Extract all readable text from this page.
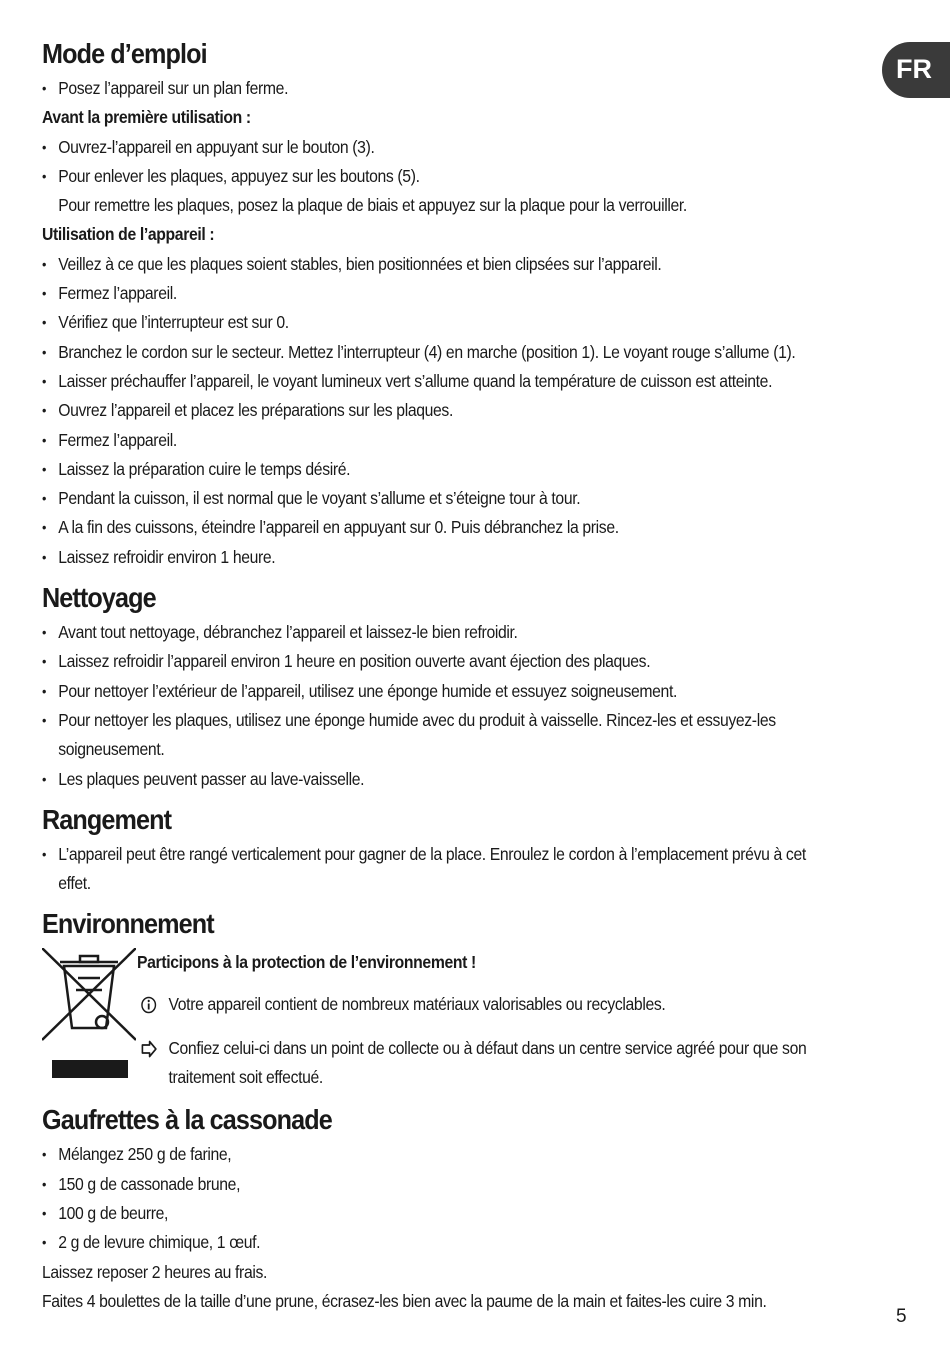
FR
Mode d’emploi
• Posez l’appareil sur un plan ferme.
Avant la première utilisation :
• Ouvrez-l’appareil en appuyant sur le bouton (3).
• Pour enlever les plaques, appuyez sur les boutons (5).
Pour remettre les plaques, posez la plaque de biais et appuyez sur la plaque pour la verrouiller.
Utilisation de l’appareil :
• Veillez à ce que les plaques soient stables, bien positionnées et bien clipsées sur l’appareil.
• Fermez l’appareil.
• Vérifiez que l’interrupteur est sur 0.
• Branchez le cordon sur le secteur. Mettez l’interrupteur (4) en marche (position 1). Le voyant rouge s’allume (1).
• Laisser préchauffer l’appareil, le voyant lumineux vert s’allume quand la température de cuisson est atteinte.
• Ouvrez l’appareil et placez les préparations sur les plaques.
• Fermez l’appareil.
• Laissez la préparation cuire le temps désiré.
• Pendant la cuisson, il est normal que le voyant s’allume et s’éteigne tour à tour.
• A la fin des cuissons, éteindre l’appareil en appuyant sur 0. Puis débranchez la prise.
• Laissez refroidir environ 1 heure.
Nettoyage
• Avant tout nettoyage, débranchez l’appareil et laissez-le bien refroidir.
• Laissez refroidir l’appareil environ 1 heure en position ouverte avant éjection des plaques.
• Pour nettoyer l’extérieur de l’appareil, utilisez une éponge humide et essuyez soigneusement.
• Pour nettoyer les plaques, utilisez une éponge humide avec du produit à vaisselle. Rincez-les et essuyez-les soigneusement.
• Les plaques peuvent passer au lave-vaisselle.
Rangement
• L’appareil peut être rangé verticalement pour gagner de la place. Enroulez le cordon à l’emplacement prévu à cet effet.
Environnement
Participons à la protection de l’environnement !
Votre appareil contient de nombreux matériaux valorisables ou recyclables.
Confiez celui-ci dans un point de collecte ou à défaut dans un centre service agréé pour que son traitement soit effectué.
Gaufrettes à la cassonade
• Mélangez 250 g de farine,
• 150 g de cassonade brune,
• 100 g de beurre,
• 2 g de levure chimique, 1 œuf.
Laissez reposer 2 heures au frais.
Faites 4 boulettes de la taille d’une prune, écrasez-les bien avec la paume de la main et faites-les cuire 3 min.
5
